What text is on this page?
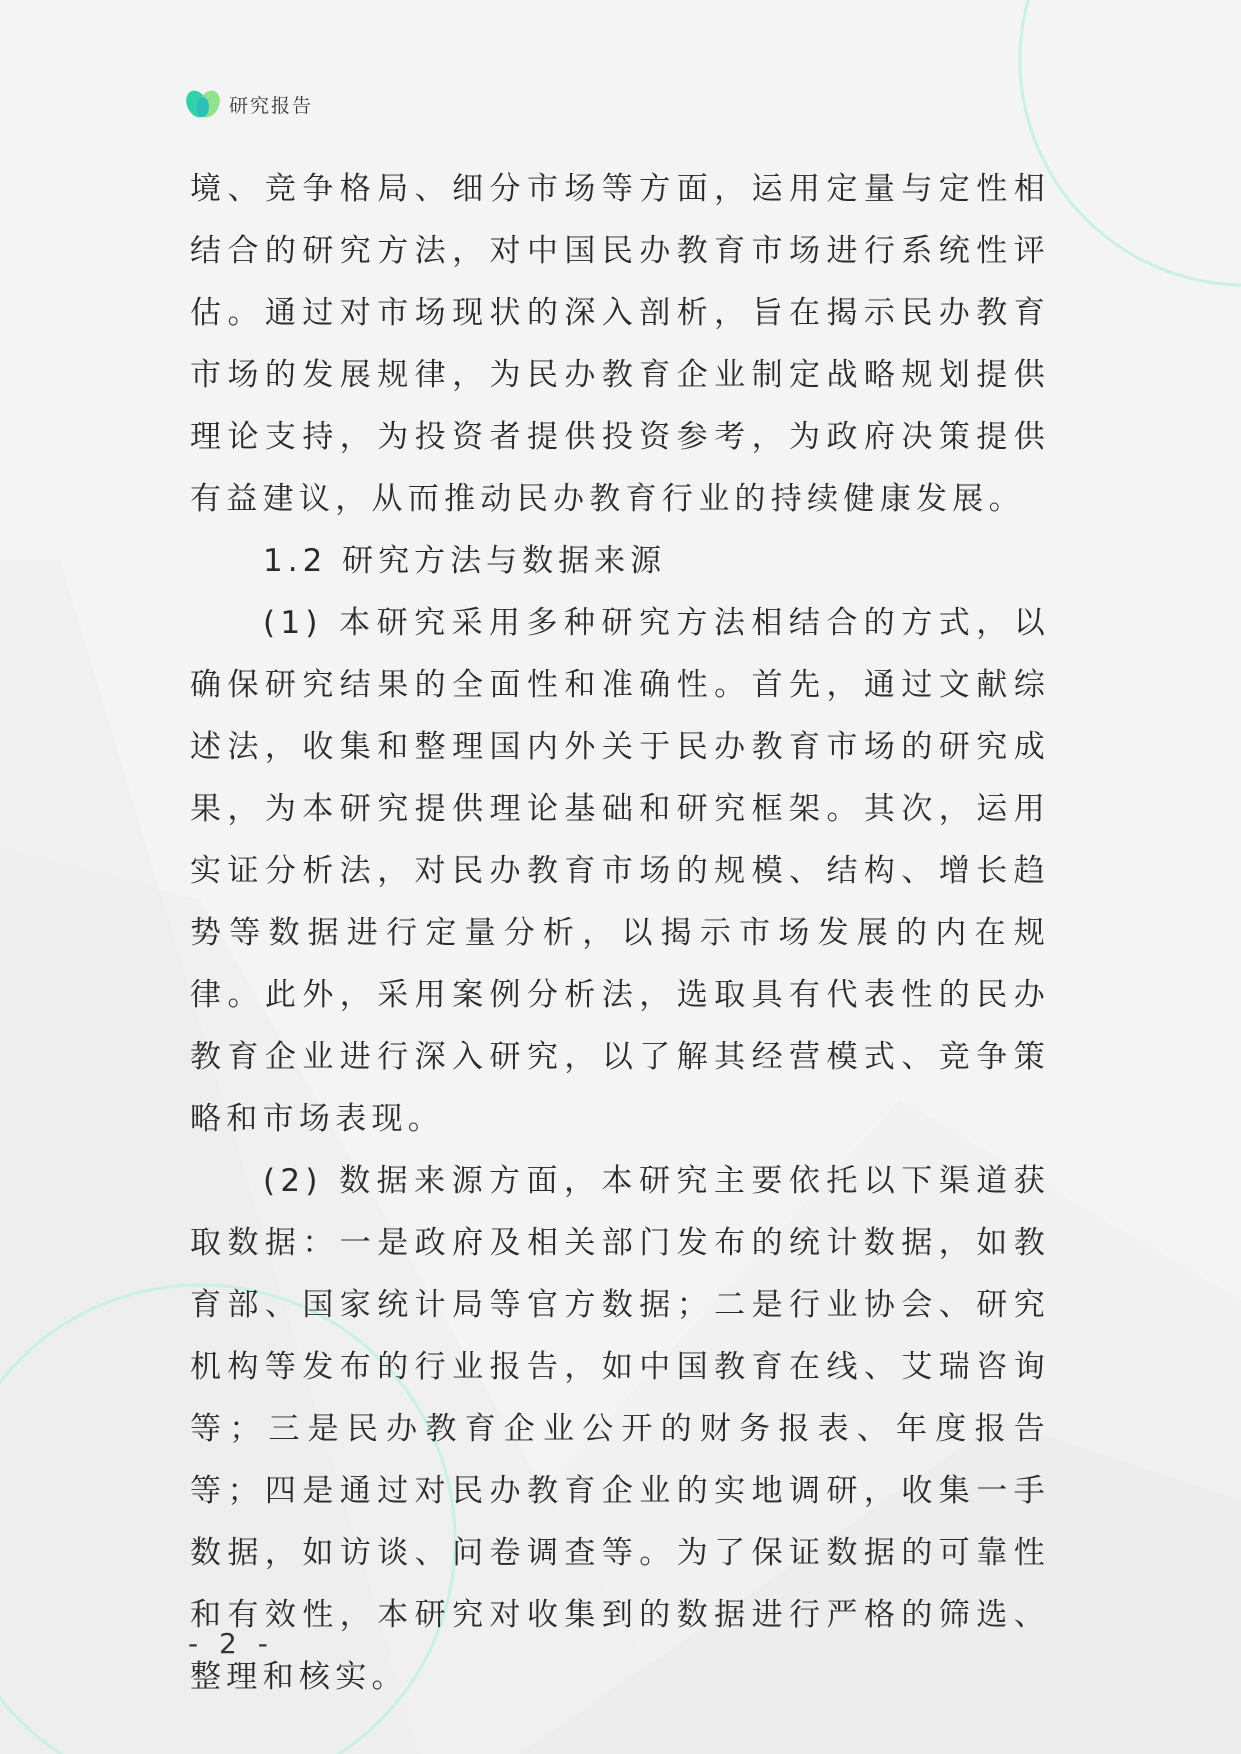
研究报告

境、竞争格局、细分市场等方面，运用定量与定性相结合的研究方法，对中国民办教育市场进行系统性评估。通过对市场现状的深入剖析，旨在揭示民办教育市场的发展规律，为民办教育企业制定战略规划提供理论支持，为投资者提供投资参考，为政府决策提供有益建议，从而推动民办教育行业的持续健康发展。

1.2 研究方法与数据来源

(1) 本研究采用多种研究方法相结合的方式，以确保研究结果的全面性和准确性。首先，通过文献综述法，收集和整理国内外关于民办教育市场的研究成果，为本研究提供理论基础和研究框架。其次，运用实证分析法，对民办教育市场的规模、结构、增长趋势等数据进行定量分析，以揭示市场发展的内在规律。此外，采用案例分析法，选取具有代表性的民办教育企业进行深入研究，以了解其经营模式、竞争策略和市场表现。

(2) 数据来源方面，本研究主要依托以下渠道获取数据：一是政府及相关部门发布的统计数据，如教育部、国家统计局等官方数据；二是行业协会、研究机构等发布的行业报告，如中国教育在线、艾瑞咨询等；三是民办教育企业公开的财务报表、年度报告等；四是通过对民办教育企业的实地调研，收集一手数据，如访谈、问卷调查等。为了保证数据的可靠性和有效性，本研究对收集到的数据进行严格的筛选、整理和核实。

- 2 -
